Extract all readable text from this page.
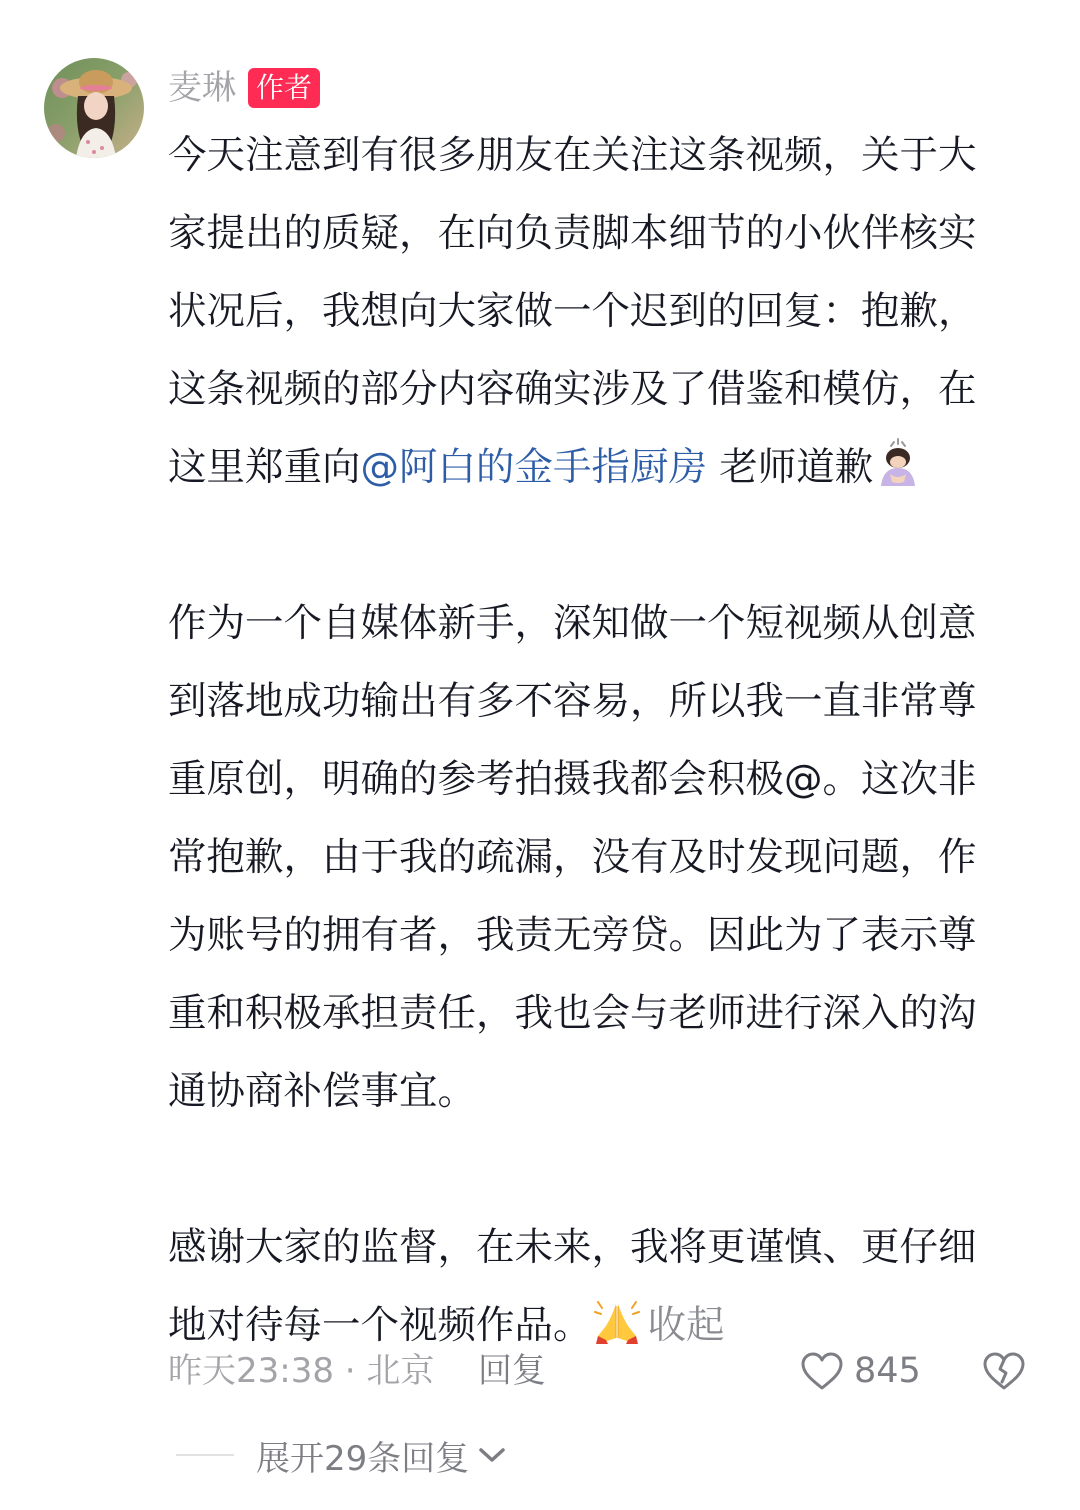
麦琳 作者

今天注意到有很多朋友在关注这条视频，关于大

家提出的质疑，在向负责脚本细节的小伙伴核实

状况后，我想向大家做一个迟到的回复：抱歉，

这条视频的部分内容确实涉及了借鉴和模仿，在

这里郑重向@阿白的金手指厨房 老师道歉

作为一个自媒体新手，深知做一个短视频从创意

到落地成功输出有多不容易，所以我一直非常尊

重原创，明确的参考拍摄我都会积极@。这次非

常抱歉，由于我的疏漏，没有及时发现问题，作

为账号的拥有者，我责无旁贷。因此为了表示尊

重和积极承担责任，我也会与老师进行深入的沟

通协商补偿事宜。

感谢大家的监督，在未来，我将更谨慎、更仔细

地对待每一个视频作品。 收起

昨天23:38 · 北京 回复	845
展开29条回复
